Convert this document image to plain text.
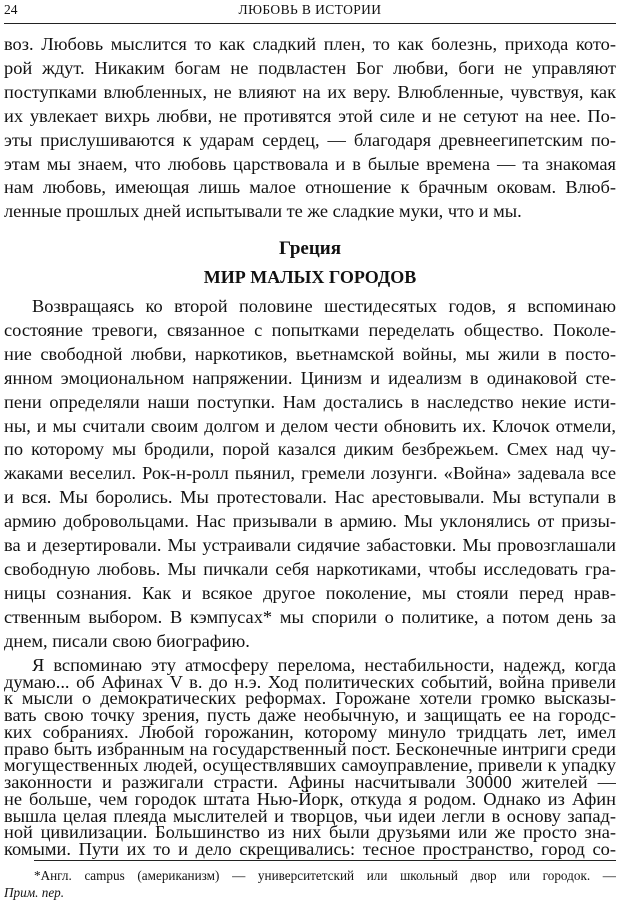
24	ЛЮБОВЬ В ИСТОРИИ
воз. Любовь мыслится то как сладкий плен, то как болезнь, прихода кото-
рой ждут. Никаким богам не подвластен Бог любви, боги не управляют
поступками влюбленных, не влияют на их веру. Влюбленные, чувствуя, как
их увлекает вихрь любви, не противятся этой силе и не сетуют на нее. По-
эты прислушиваются к ударам сердец, — благодаря древнеегипетским по-
этам мы знаем, что любовь царствовала и в былые времена — та знакомая
нам любовь, имеющая лишь малое отношение к брачным оковам. Влюб-
ленные прошлых дней испытывали те же сладкие муки, что и мы.
Греция
МИР МАЛЫХ ГОРОДОВ
Возвращаясь ко второй половине шестидесятых годов, я вспоминаю
состояние тревоги, связанное с попытками переделать общество. Поколе-
ние свободной любви, наркотиков, вьетнамской войны, мы жили в посто-
янном эмоциональном напряжении. Цинизм и идеализм в одинаковой сте-
пени определяли наши поступки. Нам достались в наследство некие исти-
ны, и мы считали своим долгом и делом чести обновить их. Клочок отмели,
по которому мы бродили, порой казался диким безбрежьем. Смех над чу-
жаками веселил. Рок-н-ролл пьянил, гремели лозунги. «Война» задевала все
и вся. Мы боролись. Мы протестовали. Нас арестовывали. Мы вступали в
армию добровольцами. Нас призывали в армию. Мы уклонялись от призы-
ва и дезертировали. Мы устраивали сидячие забастовки. Мы провозглашали
свободную любовь. Мы пичкали себя наркотиками, чтобы исследовать гра-
ницы сознания. Как и всякое другое поколение, мы стояли перед нрав-
ственным выбором. В кэмпусах* мы спорили о политике, а потом день за
днем, писали свою биографию.
Я вспоминаю эту атмосферу перелома, нестабильности, надежд, когда
думаю... об Афинах V в. до н.э. Ход политических событий, война привели
к мысли о демократических реформах. Горожане хотели громко высказы-
вать свою точку зрения, пусть даже необычную, и защищать ее на городс-
ких собраниях. Любой горожанин, которому минуло тридцать лет, имел
право быть избранным на государственный пост. Бесконечные интриги среди
могущественных людей, осуществлявших самоуправление, привели к упадку
законности и разжигали страсти. Афины насчитывали 30000 жителей —
не больше, чем городок штата Нью-Йорк, откуда я родом. Однако из Афин
вышла целая плеяда мыслителей и творцов, чьи идеи легли в основу запад-
ной цивилизации. Большинство из них были друзьями или же просто зна-
комыми. Пути их то и дело скрещивались: тесное пространство, город со-
*Англ. campus (американизм) — университетский или школьный двор или городок. —
Прим. пер.
